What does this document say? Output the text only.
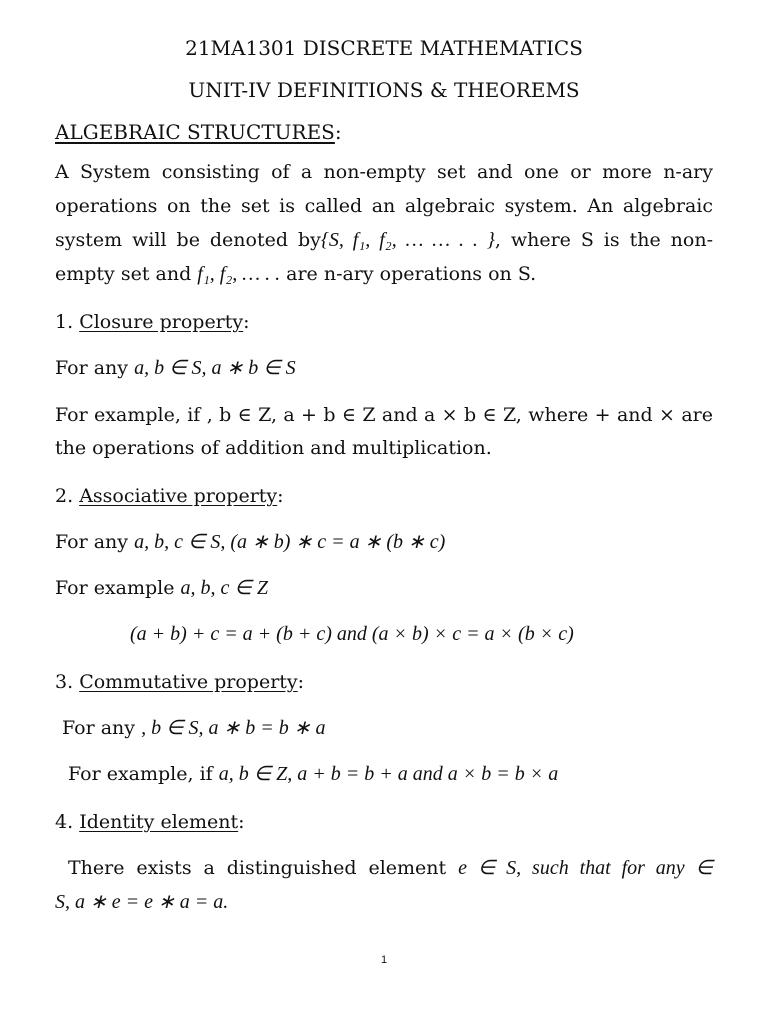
21MA1301 DISCRETE MATHEMATICS
UNIT-IV DEFINITIONS & THEOREMS
ALGEBRAIC STRUCTURES:
A System consisting of a non-empty set and one or more n-ary
operations on the set is called an algebraic system. An algebraic
system will be denoted by{S, f₁, f₂, … … . . }, where S is the non-
empty set and f₁, f₂, … . . are n-ary operations on S.
1. Closure property:
For any a, b ∈ S, a ∗ b ∈ S
For example, if , b ∈ Z, a + b ∈ Z and a × b ∈ Z, where + and × are
the operations of addition and multiplication.
2. Associative property:
For any a, b, c ∈ S, (a ∗ b) ∗ c = a ∗ (b ∗ c)
For example a, b, c ∈ Z
(a + b) + c = a + (b + c) and (a × b) × c = a × (b × c)
3. Commutative property:
For any , b ∈ S, a ∗ b = b ∗ a
For example, if a, b ∈ Z, a + b = b + a and a × b = b × a
4. Identity element:
There exists a distinguished element e ∈ S, such that for any ∈
S, a ∗ e = e ∗ a = a.
1
